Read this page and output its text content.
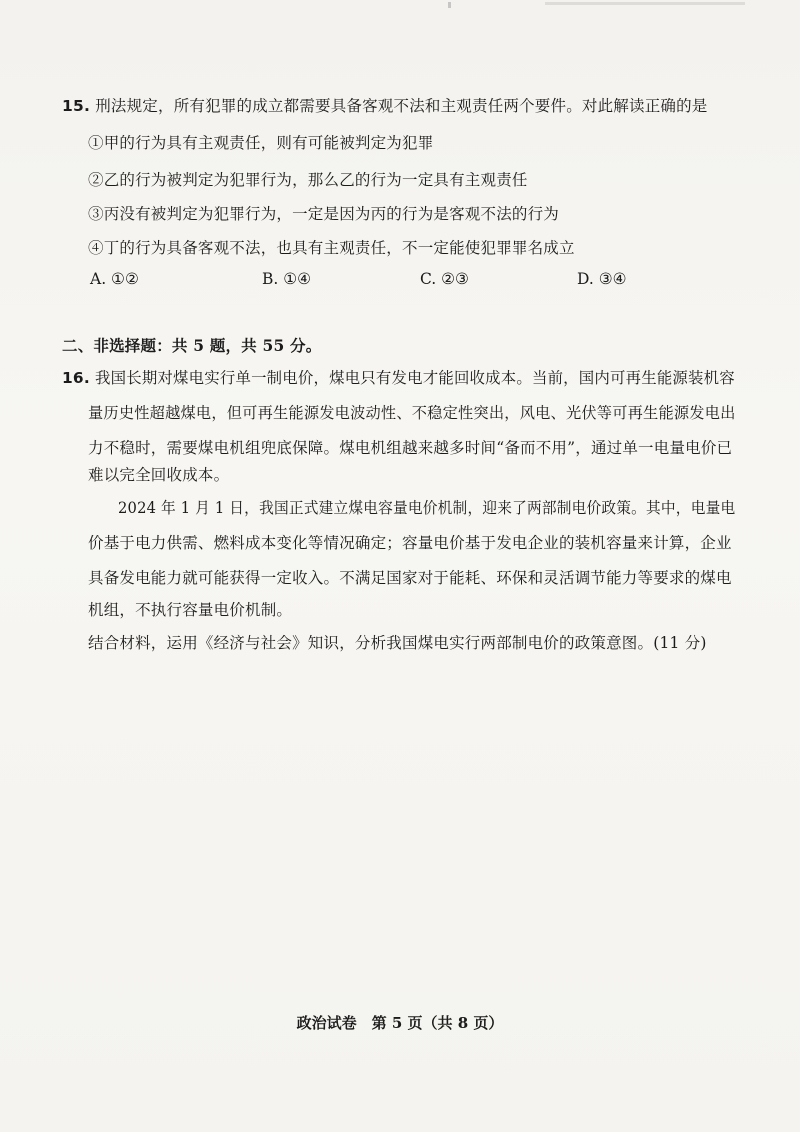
15. 刑法规定，所有犯罪的成立都需要具备客观不法和主观责任两个要件。对此解读正确的是
①甲的行为具有主观责任，则有可能被判定为犯罪
②乙的行为被判定为犯罪行为，那么乙的行为一定具有主观责任
③丙没有被判定为犯罪行为，一定是因为丙的行为是客观不法的行为
④丁的行为具备客观不法，也具有主观责任，不一定能使犯罪罪名成立
A. ①②	B. ①④	C. ②③	D. ③④
二、非选择题：共 5 题，共 55 分。
16. 我国长期对煤电实行单一制电价，煤电只有发电才能回收成本。当前，国内可再生能源装机容
量历史性超越煤电，但可再生能源发电波动性、不稳定性突出，风电、光伏等可再生能源发电出
力不稳时，需要煤电机组兜底保障。煤电机组越来越多时间“备而不用”，通过单一电量电价已
难以完全回收成本。
2024 年 1 月 1 日，我国正式建立煤电容量电价机制，迎来了两部制电价政策。其中，电量电
价基于电力供需、燃料成本变化等情况确定；容量电价基于发电企业的装机容量来计算，企业
具备发电能力就可能获得一定收入。不满足国家对于能耗、环保和灵活调节能力等要求的煤电
机组，不执行容量电价机制。
结合材料，运用《经济与社会》知识，分析我国煤电实行两部制电价的政策意图。(11 分)
政治试卷　第 5 页（共 8 页）
